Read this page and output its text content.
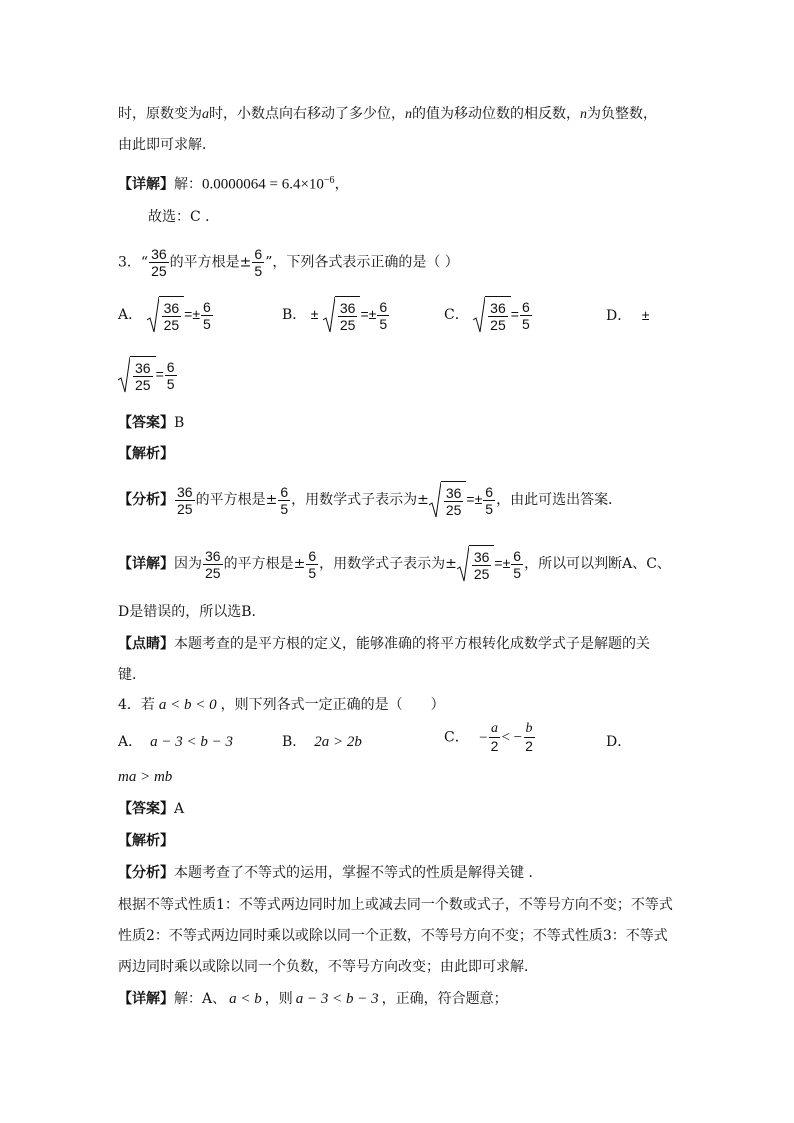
时，原数变为a时，小数点向右移动了多少位，n的值为移动位数的相反数，n为负整数，
由此即可求解．
【详解】解：$0.0000064 = 6.4\times 10^{-6}$，
故选：C ．
3．“ $\frac{36}{25}$ 的平方根是± $\frac{6}{5}$ ”，下列各式表示正确的是（ ）
A． $\frac{36}{25} =\pm \frac{6}{5}$	B． ± $\frac{36}{25} =\pm \frac{6}{5}$	C． $\frac{36}{25} = \frac{6}{5}$	D． ±
$\frac{36}{25} = \frac{6}{5}$
【答案】B
【解析】
【分析】 $\frac{36}{25}$ 的平方根是± $\frac{6}{5}$ ，用数学式子表示为± $\frac{36}{25} =\pm \frac{6}{5}$ ，由此可选出答案．
【详解】因为 $\frac{36}{25}$ 的平方根是± $\frac{6}{5}$ ，用数学式子表示为± $\frac{36}{25} =\pm \frac{6}{5}$ ，所以可以判断A、C、
D是错误的，所以选B．
【点睛】本题考查的是平方根的定义，能够准确的将平方根转化成数学式子是解题的关
键．
4．若 a < b < 0 ，则下列各式一定正确的是（　　）
A． a − 3 < b − 3	B． 2a > 2b	C． − $\frac{a}{2}$ < − $\frac{b}{2}$	D．
ma > mb
【答案】A
【解析】
【分析】本题考查了不等式的运用，掌握不等式的性质是解得关键 ．
根据不等式性质1：不等式两边同时加上或减去同一个数或式子，不等号方向不变；不等式
性质2：不等式两边同时乘以或除以同一个正数，不等号方向不变；不等式性质3：不等式
两边同时乘以或除以同一个负数，不等号方向改变；由此即可求解．
【详解】解：A、 a < b ，则 a − 3 < b − 3 ，正确，符合题意；
